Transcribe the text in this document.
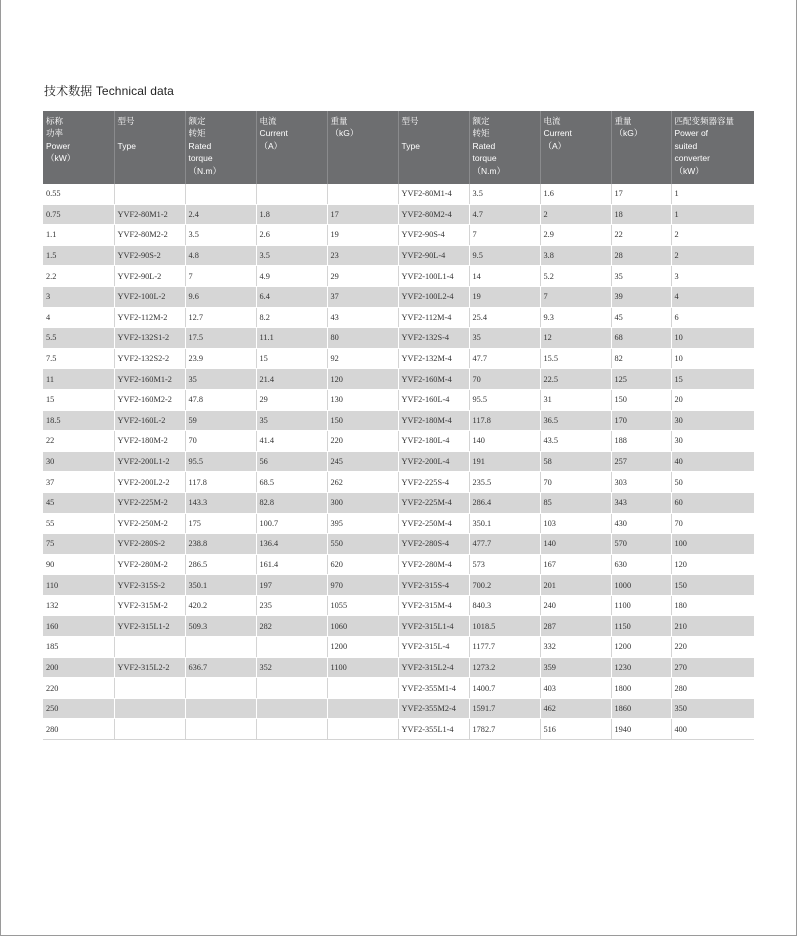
技术数据 Technical data
标称
功率
Power
（kW）	型号

Type	额定
转矩
Rated
torque
（N.m）	电流
Current
（A）	重量
（kG）	型号

Type	额定
转矩
Rated
torque
（N.m）	电流
Current
（A）	重量
（kG）	匹配变频器容量
Power of
suited
converter
（kW）
0.55					YVF2-80M1-4	3.5	1.6	17	1
0.75	YVF2-80M1-2	2.4	1.8	17	YVF2-80M2-4	4.7	2	18	1
1.1	YVF2-80M2-2	3.5	2.6	19	YVF2-90S-4	7	2.9	22	2
1.5	YVF2-90S-2	4.8	3.5	23	YVF2-90L-4	9.5	3.8	28	2
2.2	YVF2-90L-2	7	4.9	29	YVF2-100L1-4	14	5.2	35	3
3	YVF2-100L-2	9.6	6.4	37	YVF2-100L2-4	19	7	39	4
4	YVF2-112M-2	12.7	8.2	43	YVF2-112M-4	25.4	9.3	45	6
5.5	YVF2-132S1-2	17.5	11.1	80	YVF2-132S-4	35	12	68	10
7.5	YVF2-132S2-2	23.9	15	92	YVF2-132M-4	47.7	15.5	82	10
11	YVF2-160M1-2	35	21.4	120	YVF2-160M-4	70	22.5	125	15
15	YVF2-160M2-2	47.8	29	130	YVF2-160L-4	95.5	31	150	20
18.5	YVF2-160L-2	59	35	150	YVF2-180M-4	117.8	36.5	170	30
22	YVF2-180M-2	70	41.4	220	YVF2-180L-4	140	43.5	188	30
30	YVF2-200L1-2	95.5	56	245	YVF2-200L-4	191	58	257	40
37	YVF2-200L2-2	117.8	68.5	262	YVF2-225S-4	235.5	70	303	50
45	YVF2-225M-2	143.3	82.8	300	YVF2-225M-4	286.4	85	343	60
55	YVF2-250M-2	175	100.7	395	YVF2-250M-4	350.1	103	430	70
75	YVF2-280S-2	238.8	136.4	550	YVF2-280S-4	477.7	140	570	100
90	YVF2-280M-2	286.5	161.4	620	YVF2-280M-4	573	167	630	120
110	YVF2-315S-2	350.1	197	970	YVF2-315S-4	700.2	201	1000	150
132	YVF2-315M-2	420.2	235	1055	YVF2-315M-4	840.3	240	1100	180
160	YVF2-315L1-2	509.3	282	1060	YVF2-315L1-4	1018.5	287	1150	210
185				1200	YVF2-315L-4	1177.7	332	1200	220
200	YVF2-315L2-2	636.7	352	1100	YVF2-315L2-4	1273.2	359	1230	270
220					YVF2-355M1-4	1400.7	403	1800	280
250					YVF2-355M2-4	1591.7	462	1860	350
280					YVF2-355L1-4	1782.7	516	1940	400
